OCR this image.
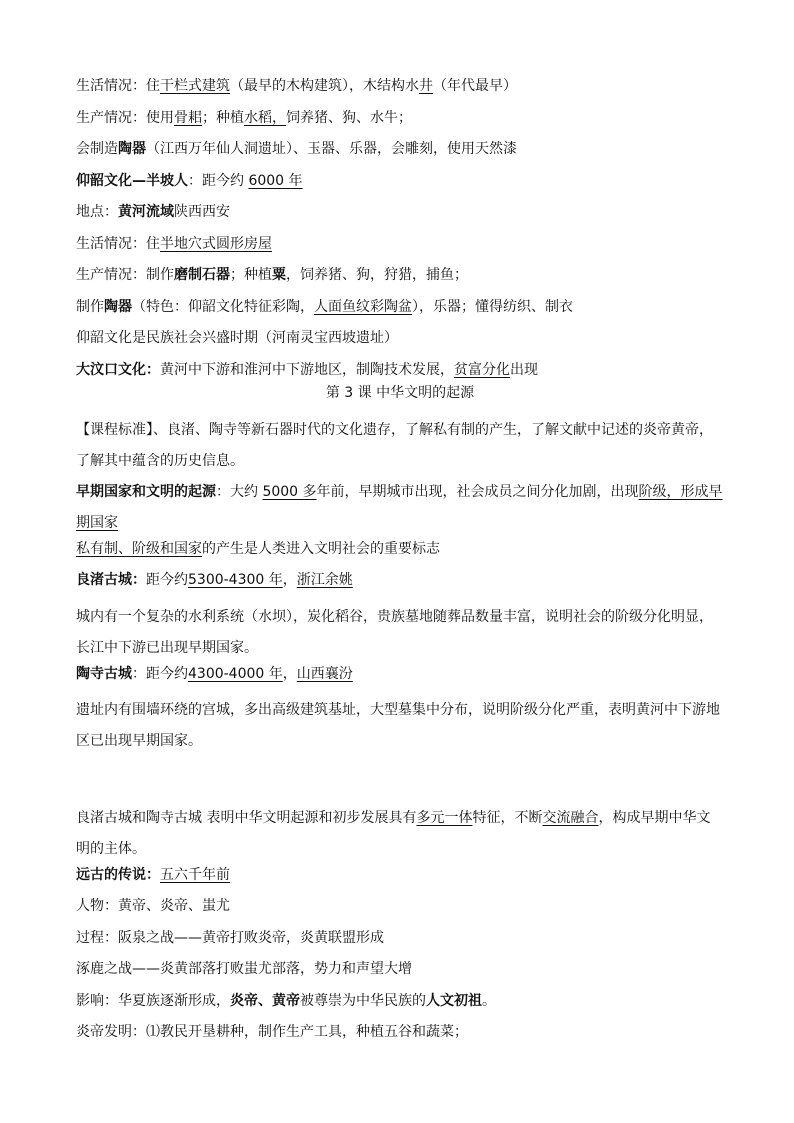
生活情况：住干栏式建筑（最早的木构建筑），木结构水井（年代最早）
生产情况：使用骨耜；种植水稻，饲养猪、狗、水牛；
会制造陶器（江西万年仙人洞遗址）、玉器、乐器，会雕刻，使用天然漆
仰韶文化—半坡人：距今约 6000 年
地点：黄河流域陕西西安
生活情况：住半地穴式圆形房屋
生产情况：制作磨制石器；种植粟，饲养猪、狗，狩猎，捕鱼；
制作陶器（特色：仰韶文化特征彩陶，人面鱼纹彩陶盆），乐器；懂得纺织、制衣
仰韶文化是民族社会兴盛时期（河南灵宝西坡遗址）
大汶口文化：黄河中下游和淮河中下游地区，制陶技术发展，贫富分化出现
第 3 课 中华文明的起源
【课程标准】、良渚、陶寺等新石器时代的文化遗存，了解私有制的产生，了解文献中记述的炎帝黄帝，了解其中蕴含的历史信息。
早期国家和文明的起源：大约 5000 多年前，早期城市出现，社会成员之间分化加剧，出现阶级，形成早期国家
私有制、阶级和国家的产生是人类进入文明社会的重要标志
良渚古城：距今约5300-4300 年，浙江余姚
城内有一个复杂的水利系统（水坝），炭化稻谷，贵族墓地随葬品数量丰富，说明社会的阶级分化明显，长江中下游已出现早期国家。
陶寺古城：距今约4300-4000 年，山西襄汾
遗址内有围墙环绕的宫城，多出高级建筑基址，大型墓集中分布，说明阶级分化严重，表明黄河中下游地区已出现早期国家。
良渚古城和陶寺古城 表明中华文明起源和初步发展具有多元一体特征，不断交流融合，构成早期中华文明的主体。
远古的传说：五六千年前
人物：黄帝、炎帝、蚩尤
过程：阪泉之战——黄帝打败炎帝，炎黄联盟形成
涿鹿之战——炎黄部落打败蚩尤部落，势力和声望大增
影响：华夏族逐渐形成，炎帝、黄帝被尊崇为中华民族的人文初祖。
炎帝发明：⑴教民开垦耕种，制作生产工具，种植五谷和蔬菜；
